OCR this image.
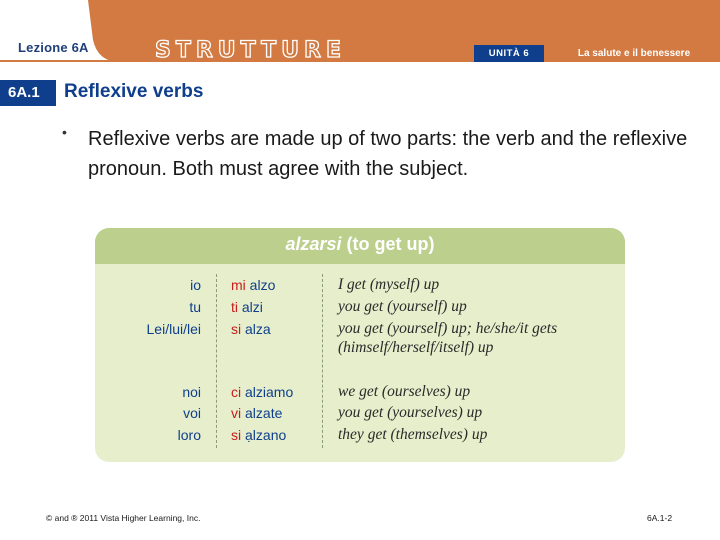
Lezione 6A	STRUTTURE	UNITÀ 6	La salute e il benessere
6A.1	Reflexive verbs
• Reflexive verbs are made up of two parts: the verb and the reflexive pronoun. Both must agree with the subject.
alzarsi (to get up)
io mi alzo	I get (myself) up
tu ti alzi	you get (yourself) up
Lei/lui/lei si alza	you get (yourself) up; he/she/it gets
(himself/herself/itself) up
noi ci alziamo	we get (ourselves) up
voi vi alzate	you get (yourselves) up
loro si ạlzano	they get (themselves) up
© and ® 2011 Vista Higher Learning, Inc.	6A.1-2
